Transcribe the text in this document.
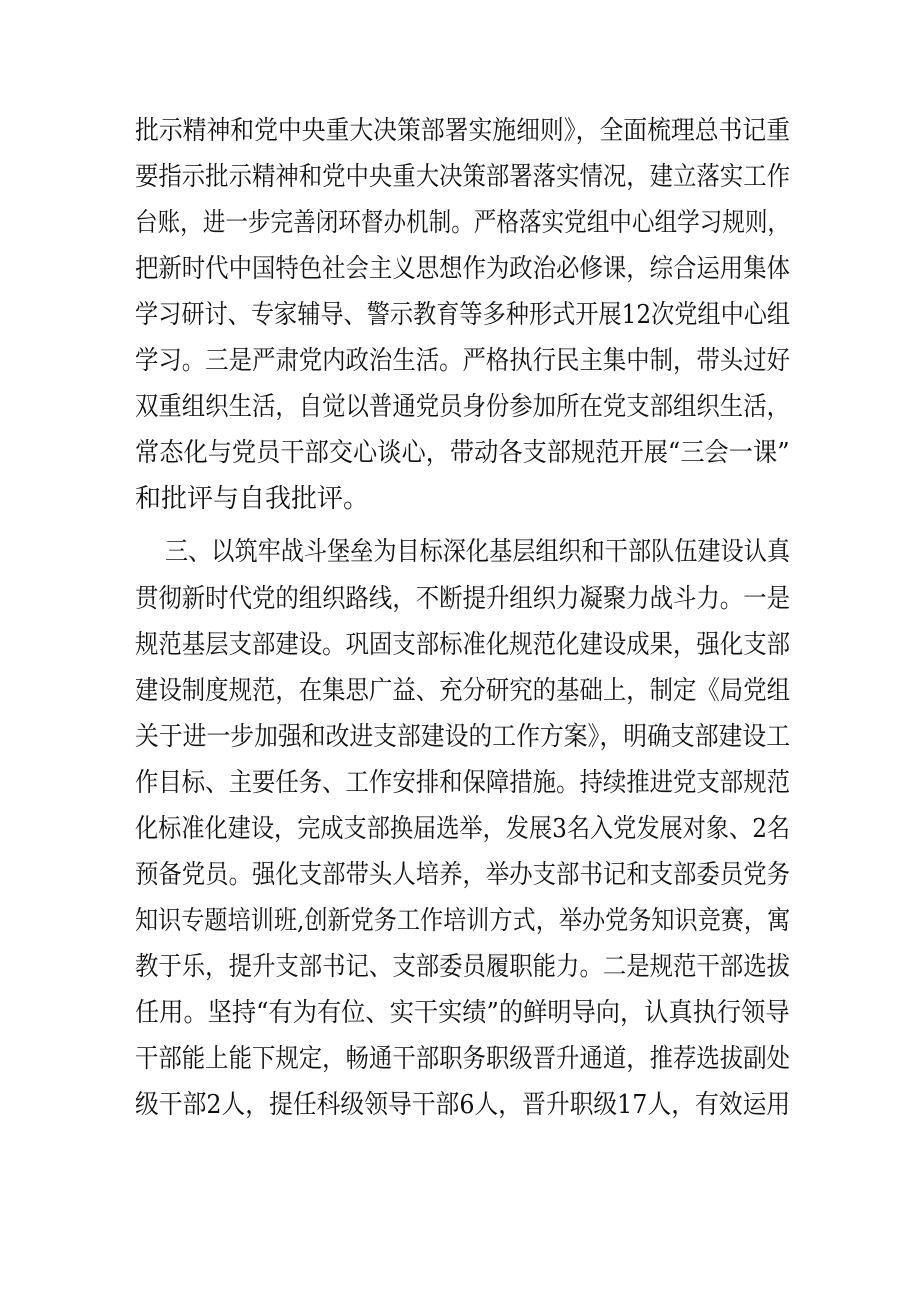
批示精神和党中央重大决策部署实施细则》，全面梳理总书记重
要指示批示精神和党中央重大决策部署落实情况，建立落实工作
台账，进一步完善闭环督办机制。严格落实党组中心组学习规则，
把新时代中国特色社会主义思想作为政治必修课，综合运用集体
学习研讨、专家辅导、警示教育等多种形式开展12次党组中心组
学习。三是严肃党内政治生活。严格执行民主集中制，带头过好
双重组织生活，自觉以普通党员身份参加所在党支部组织生活，
常态化与党员干部交心谈心，带动各支部规范开展“三会一课”
和批评与自我批评。
三、以筑牢战斗堡垒为目标深化基层组织和干部队伍建设认真
贯彻新时代党的组织路线，不断提升组织力凝聚力战斗力。一是
规范基层支部建设。巩固支部标准化规范化建设成果，强化支部
建设制度规范，在集思广益、充分研究的基础上，制定《局党组
关于进一步加强和改进支部建设的工作方案》，明确支部建设工
作目标、主要任务、工作安排和保障措施。持续推进党支部规范
化标准化建设，完成支部换届选举，发展3名入党发展对象、2名
预备党员。强化支部带头人培养，举办支部书记和支部委员党务
知识专题培训班,创新党务工作培训方式，举办党务知识竞赛，寓
教于乐，提升支部书记、支部委员履职能力。二是规范干部选拔
任用。坚持“有为有位、实干实绩”的鲜明导向，认真执行领导
干部能上能下规定，畅通干部职务职级晋升通道，推荐选拔副处
级干部2人，提任科级领导干部6人，晋升职级17人，有效运用
